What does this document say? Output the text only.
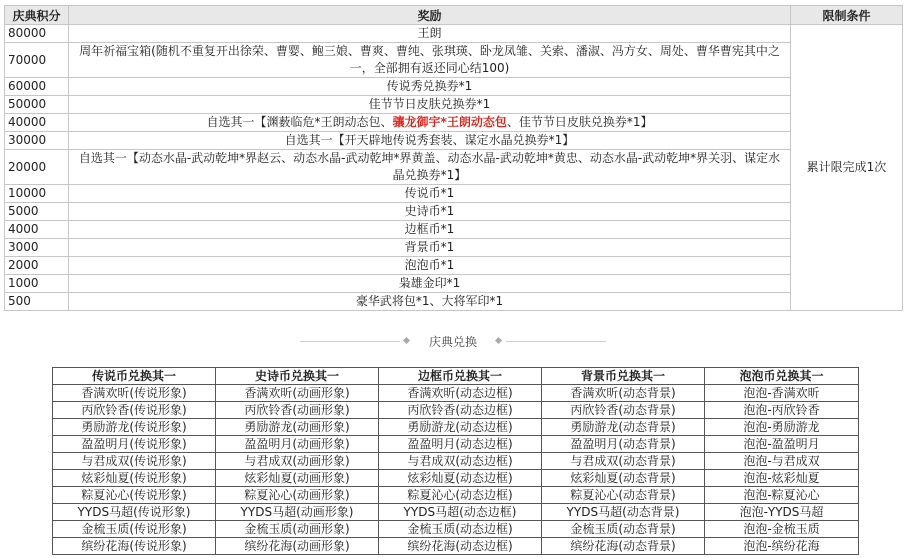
庆典积分	奖励	限制条件
80000	王朗	累计限完成1次
70000	周年祈福宝箱(随机不重复开出徐荣、曹婴、鲍三娘、曹爽、曹纯、张琪瑛、卧龙凤雏、关索、潘淑、冯方女、周处、曹华曹宪其中之一，全部拥有返还同心结100)	
60000	传说秀兑换券*1	
50000	佳节节日皮肤兑换券*1	
40000	自选其一【渊薮临危*王朗动态包、骧龙御宇*王朗动态包、佳节节日皮肤兑换券*1】	
30000	自选其一【开天辟地传说秀套装、谋定水晶兑换券*1】	
20000	自选其一【动态水晶-武动乾坤*界赵云、动态水晶-武动乾坤*界黄盖、动态水晶-武动乾坤*黄忠、动态水晶-武动乾坤*界关羽、谋定水晶兑换券*1】	
10000	传说币*1	
5000	史诗币*1	
4000	边框币*1	
3000	背景币*1	
2000	泡泡币*1	
1000	枭雄金印*1	
500	豪华武将包*1、大将军印*1	
庆典兑换
传说币兑换其一	史诗币兑换其一	边框币兑换其一	背景币兑换其一	泡泡币兑换其一
香满欢昕(传说形象)	香满欢昕(动画形象)	香满欢昕(动态边框)	香满欢昕(动态背景)	泡泡-香满欢昕
丙欣铃香(传说形象)	丙欣铃香(动画形象)	丙欣铃香(动态边框)	丙欣铃香(动态背景)	泡泡-丙欣铃香
勇励游龙(传说形象)	勇励游龙(动画形象)	勇励游龙(动态边框)	勇励游龙(动态背景)	泡泡-勇励游龙
盈盈明月(传说形象)	盈盈明月(动画形象)	盈盈明月(动态边框)	盈盈明月(动态背景)	泡泡-盈盈明月
与君成双(传说形象)	与君成双(动画形象)	与君成双(动态边框)	与君成双(动态背景)	泡泡-与君成双
炫彩灿夏(传说形象)	炫彩灿夏(动画形象)	炫彩灿夏(动态边框)	炫彩灿夏(动态背景)	泡泡-炫彩灿夏
粽夏沁心(传说形象)	粽夏沁心(动画形象)	粽夏沁心(动态边框)	粽夏沁心(动态背景)	泡泡-粽夏沁心
YYDS马超(传说形象)	YYDS马超(动画形象)	YYDS马超(动态边框)	YYDS马超(动态背景)	泡泡-YYDS马超
金梳玉质(传说形象)	金梳玉质(动画形象)	金梳玉质(动态边框)	金梳玉质(动态背景)	泡泡-金梳玉质
缤纷花海(传说形象)	缤纷花海(动画形象)	缤纷花海(动态边框)	缤纷花海(动态背景)	泡泡-缤纷花海
